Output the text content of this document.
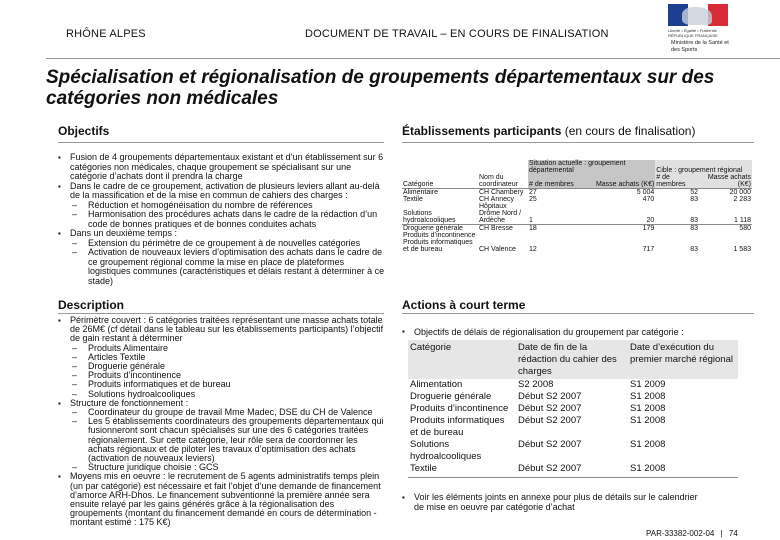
RHÔNE ALPES	DOCUMENT DE TRAVAIL – EN COURS DE FINALISATION	Liberté • Égalité • Fraternité RÉPUBLIQUE FRANÇAISE
Ministère de la Santé et des Sports
Spécialisation et régionalisation de groupements départementaux sur des catégories non médicales
Objectifs
▪ Fusion de 4 groupements départementaux existant et d’un établissement sur 6 catégories non médicales, chaque groupement se spécialisant sur une catégorie d’achats dont il prendra la charge
▪ Dans le cadre de ce groupement, activation de plusieurs leviers allant au-delà de la massification et de la mise en commun de cahiers des charges :
– Réduction et homogénéisation du nombre de références
– Harmonisation des procédures achats dans le cadre de la rédaction d’un code de bonnes pratiques et de bonnes conduites achats
▪ Dans un deuxième temps :
– Extension du périmètre de ce groupement à de nouvelles catégories
– Activation de nouveaux leviers d’optimisation des achats dans le cadre de ce groupement régional comme la mise en place de plateformes logistiques communes (caractéristiques et délais restant à déterminer à ce stade)
Établissements participants (en cours de finalisation)
Catégorie	Nom du coordinateur	Situation actuelle : groupement départemental		Cible : groupement régional	
		# de membres	Masse achats (K€)	# de membres	Masse achats (K€)
Alimentaire	CH Chambery	27	5 004	52	20 000
Textile	CH Annecy	25	470	83	2 283
Solutions hydroalcooliques	Hôpitaux Drôme Nord / Ardèche	1	20	83	1 118
Droguerie générale	CH Bresse	18	179	83	580
Produits d’incontinence					
Produits informatiques et de bureau	CH Valence	12	717	83	1 583
Description
▪ Périmètre couvert : 6 catégories traitées représentant une masse achats totale de 26M€ (cf détail dans le tableau sur les établissements participants) l’objectif de gain restant à déterminer
– Produits Alimentaire
– Articles Textile
– Droguerie générale
– Produits d’incontinence
– Produits informatiques et de bureau
– Solutions hydroalcooliques
▪ Structure de fonctionnement :
– Coordinateur du groupe de travail Mme Madec, DSE du CH de Valence
– Les 5 établissements coordinateurs des groupements départementaux qui fusionneront sont chacun spécialisés sur une des 6 catégories traitées régionalement. Sur cette catégorie, leur rôle sera de coordonner les achats régionaux et de piloter les travaux d’optimisation des achats (activation de nouveaux leviers)
– Structure juridique choisie : GCS
▪ Moyens mis en oeuvre : le recrutement de 5 agents administratifs temps plein (un par catégorie) est nécessaire et fait l’objet d’une demande de financement d’amorce ARH-Dhos. Le financement subventionné la première année sera ensuite relayé par les gains générés grâce à la régionalisation des groupements (montant du financement demandé en cours de détermination - montant estimé : 175 K€)
Actions à court terme
▪ Objectifs de délais de régionalisation du groupement par catégorie :
Catégorie	Date de fin de la rédaction du cahier des charges	Date d’exécution du premier marché régional
Alimentation	S2 2008	S1 2009
Droguerie générale	Début S2 2007	S1 2008
Produits d’incontinence	Début S2 2007	S1 2008
Produits informatiques et de bureau	Début S2 2007	S1 2008
Solutions hydroalcooliques	Début S2 2007	S1 2008
Textile	Début S2 2007	S1 2008
▪ Voir les éléments joints en annexe pour plus de détails sur le calendrier de mise en oeuvre par catégorie d’achat
PAR-33382-002-04 | 74
